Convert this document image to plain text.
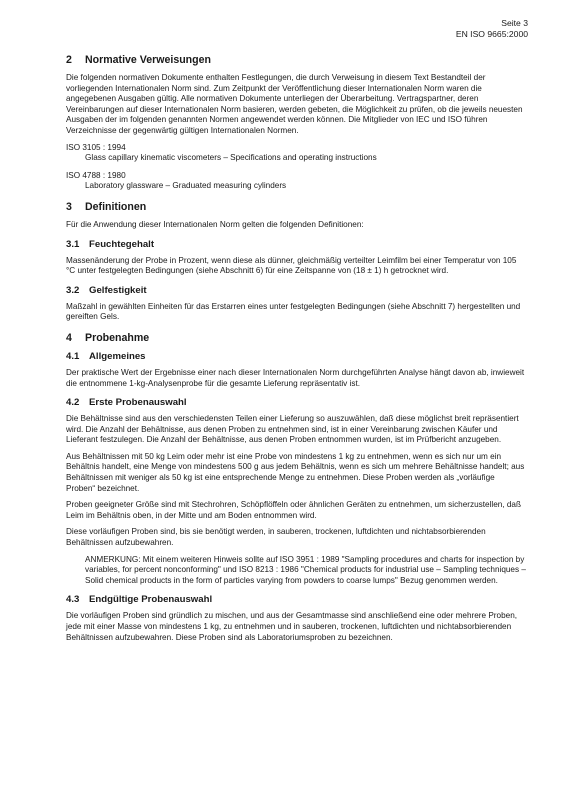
Seite 3
EN ISO 9665:2000
2 Normative Verweisungen

Die folgenden normativen Dokumente enthalten Festlegungen, die durch Verweisung in diesem Text Bestandteil der vorliegenden Internationalen Norm sind. Zum Zeitpunkt der Veröffentlichung dieser Internationalen Norm waren die angegebenen Ausgaben gültig. Alle normativen Dokumente unterliegen der Überarbeitung. Vertragspartner, deren Vereinbarungen auf dieser Internationalen Norm basieren, werden gebeten, die Möglichkeit zu prüfen, ob die jeweils neuesten Ausgaben der im folgenden genannten Normen angewendet werden können. Die Mitglieder von IEC und ISO führen Verzeichnisse der gegenwärtig gültigen Internationalen Normen.

ISO 3105 : 1994
Glass capillary kinematic viscometers – Specifications and operating instructions
ISO 4788 : 1980
Laboratory glassware – Graduated measuring cylinders
3 Definitionen

Für die Anwendung dieser Internationalen Norm gelten die folgenden Definitionen:

3.1 Feuchtegehalt

Massenänderung der Probe in Prozent, wenn diese als dünner, gleichmäßig verteilter Leimfilm bei einer Temperatur von 105 °C unter festgelegten Bedingungen (siehe Abschnitt 6) für eine Zeitspanne von (18 ± 1) h getrocknet wird.

3.2 Gelfestigkeit

Maßzahl in gewählten Einheiten für das Erstarren eines unter festgelegten Bedingungen (siehe Abschnitt 7) hergestellten und gereiften Gels.

4 Probenahme
4.1 Allgemeines

Der praktische Wert der Ergebnisse einer nach dieser Internationalen Norm durchgeführten Analyse hängt davon ab, inwieweit die entnommene 1-kg-Analysenprobe für die gesamte Lieferung repräsentativ ist.

4.2 Erste Probenauswahl

Die Behältnisse sind aus den verschiedensten Teilen einer Lieferung so auszuwählen, daß diese möglichst breit repräsentiert wird. Die Anzahl der Behältnisse, aus denen Proben zu entnehmen sind, ist in einer Vereinbarung zwischen Käufer und Lieferant festzulegen. Die Anzahl der Behältnisse, aus denen Proben entnommen wurden, ist im Prüfbericht anzugeben.

Aus Behältnissen mit 50 kg Leim oder mehr ist eine Probe von mindestens 1 kg zu entnehmen, wenn es sich nur um ein Behältnis handelt, eine Menge von mindestens 500 g aus jedem Behältnis, wenn es sich um mehrere Behältnisse handelt; aus Behältnissen mit weniger als 50 kg ist eine entsprechende Menge zu entnehmen. Diese Proben werden als „vorläufige Proben“ bezeichnet.

Proben geeigneter Größe sind mit Stechrohren, Schöpflöffeln oder ähnlichen Geräten zu entnehmen, um sicherzustellen, daß Leim im Behältnis oben, in der Mitte und am Boden entnommen wird.

Diese vorläufigen Proben sind, bis sie benötigt werden, in sauberen, trockenen, luftdichten und nichtabsorbierenden Behältnissen aufzubewahren.

ANMERKUNG: Mit einem weiteren Hinweis sollte auf ISO 3951 : 1989 "Sampling procedures and charts for inspection by variables, for percent nonconforming" und ISO 8213 : 1986 "Chemical products for industrial use – Sampling techniques – Solid chemical products in the form of particles varying from powders to coarse lumps" Bezug genommen werden.
4.3 Endgültige Probenauswahl

Die vorläufigen Proben sind gründlich zu mischen, und aus der Gesamtmasse sind anschließend eine oder mehrere Proben, jede mit einer Masse von mindestens 1 kg, zu entnehmen und in sauberen, trockenen, luftdichten und nichtabsorbierenden Behältnissen aufzubewahren. Diese Proben sind als Laboratoriumsproben zu bezeichnen.
